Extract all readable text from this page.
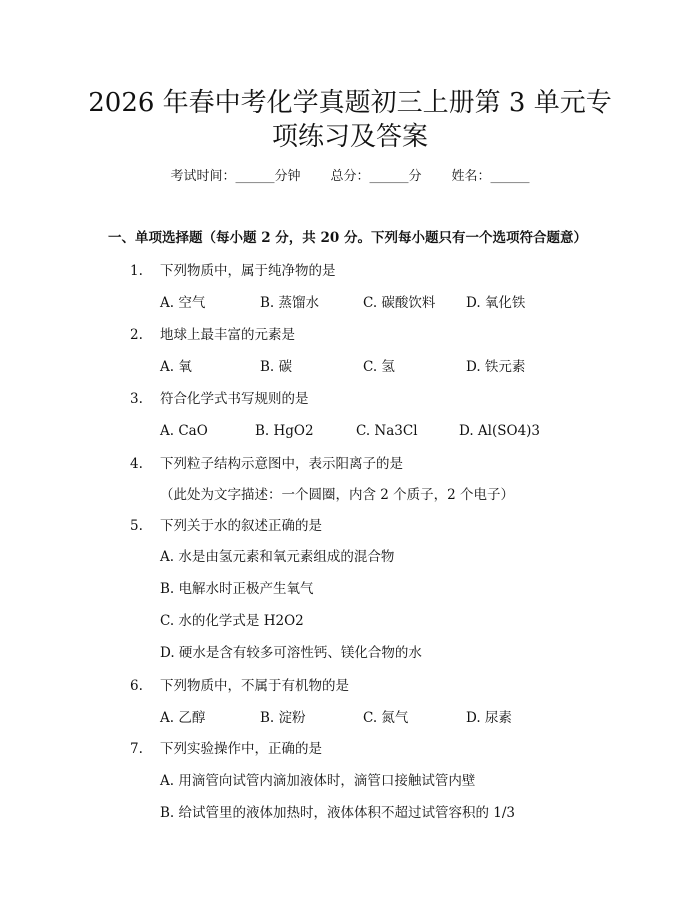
2026 年春中考化学真题初三上册第 3 单元专
项练习及答案
考试时间：______分钟 总分：______分 姓名：______
一、单项选择题（每小题 2 分，共 20 分。下列每小题只有一个选项符合题意）
1. 下列物质中，属于纯净物的是
A. 空气	B. 蒸馏水	C. 碳酸饮料 D. 氧化铁
2. 地球上最丰富的元素是
A. 氧	B. 碳	C. 氢	D. 铁元素
3. 符合化学式书写规则的是
A. CaO	B. HgO2	C. Na3Cl	D. Al(SO4)3
4. 下列粒子结构示意图中，表示阳离子的是
（此处为文字描述：一个圆圈，内含 2 个质子，2 个电子）
5. 下列关于水的叙述正确的是
A. 水是由氢元素和氧元素组成的混合物
B. 电解水时正极产生氧气
C. 水的化学式是 H2O2
D. 硬水是含有较多可溶性钙、镁化合物的水
6. 下列物质中，不属于有机物的是
A. 乙醇	B. 淀粉	C. 氮气	D. 尿素
7. 下列实验操作中，正确的是
A. 用滴管向试管内滴加液体时，滴管口接触试管内壁
B. 给试管里的液体加热时，液体体积不超过试管容积的 1/3
